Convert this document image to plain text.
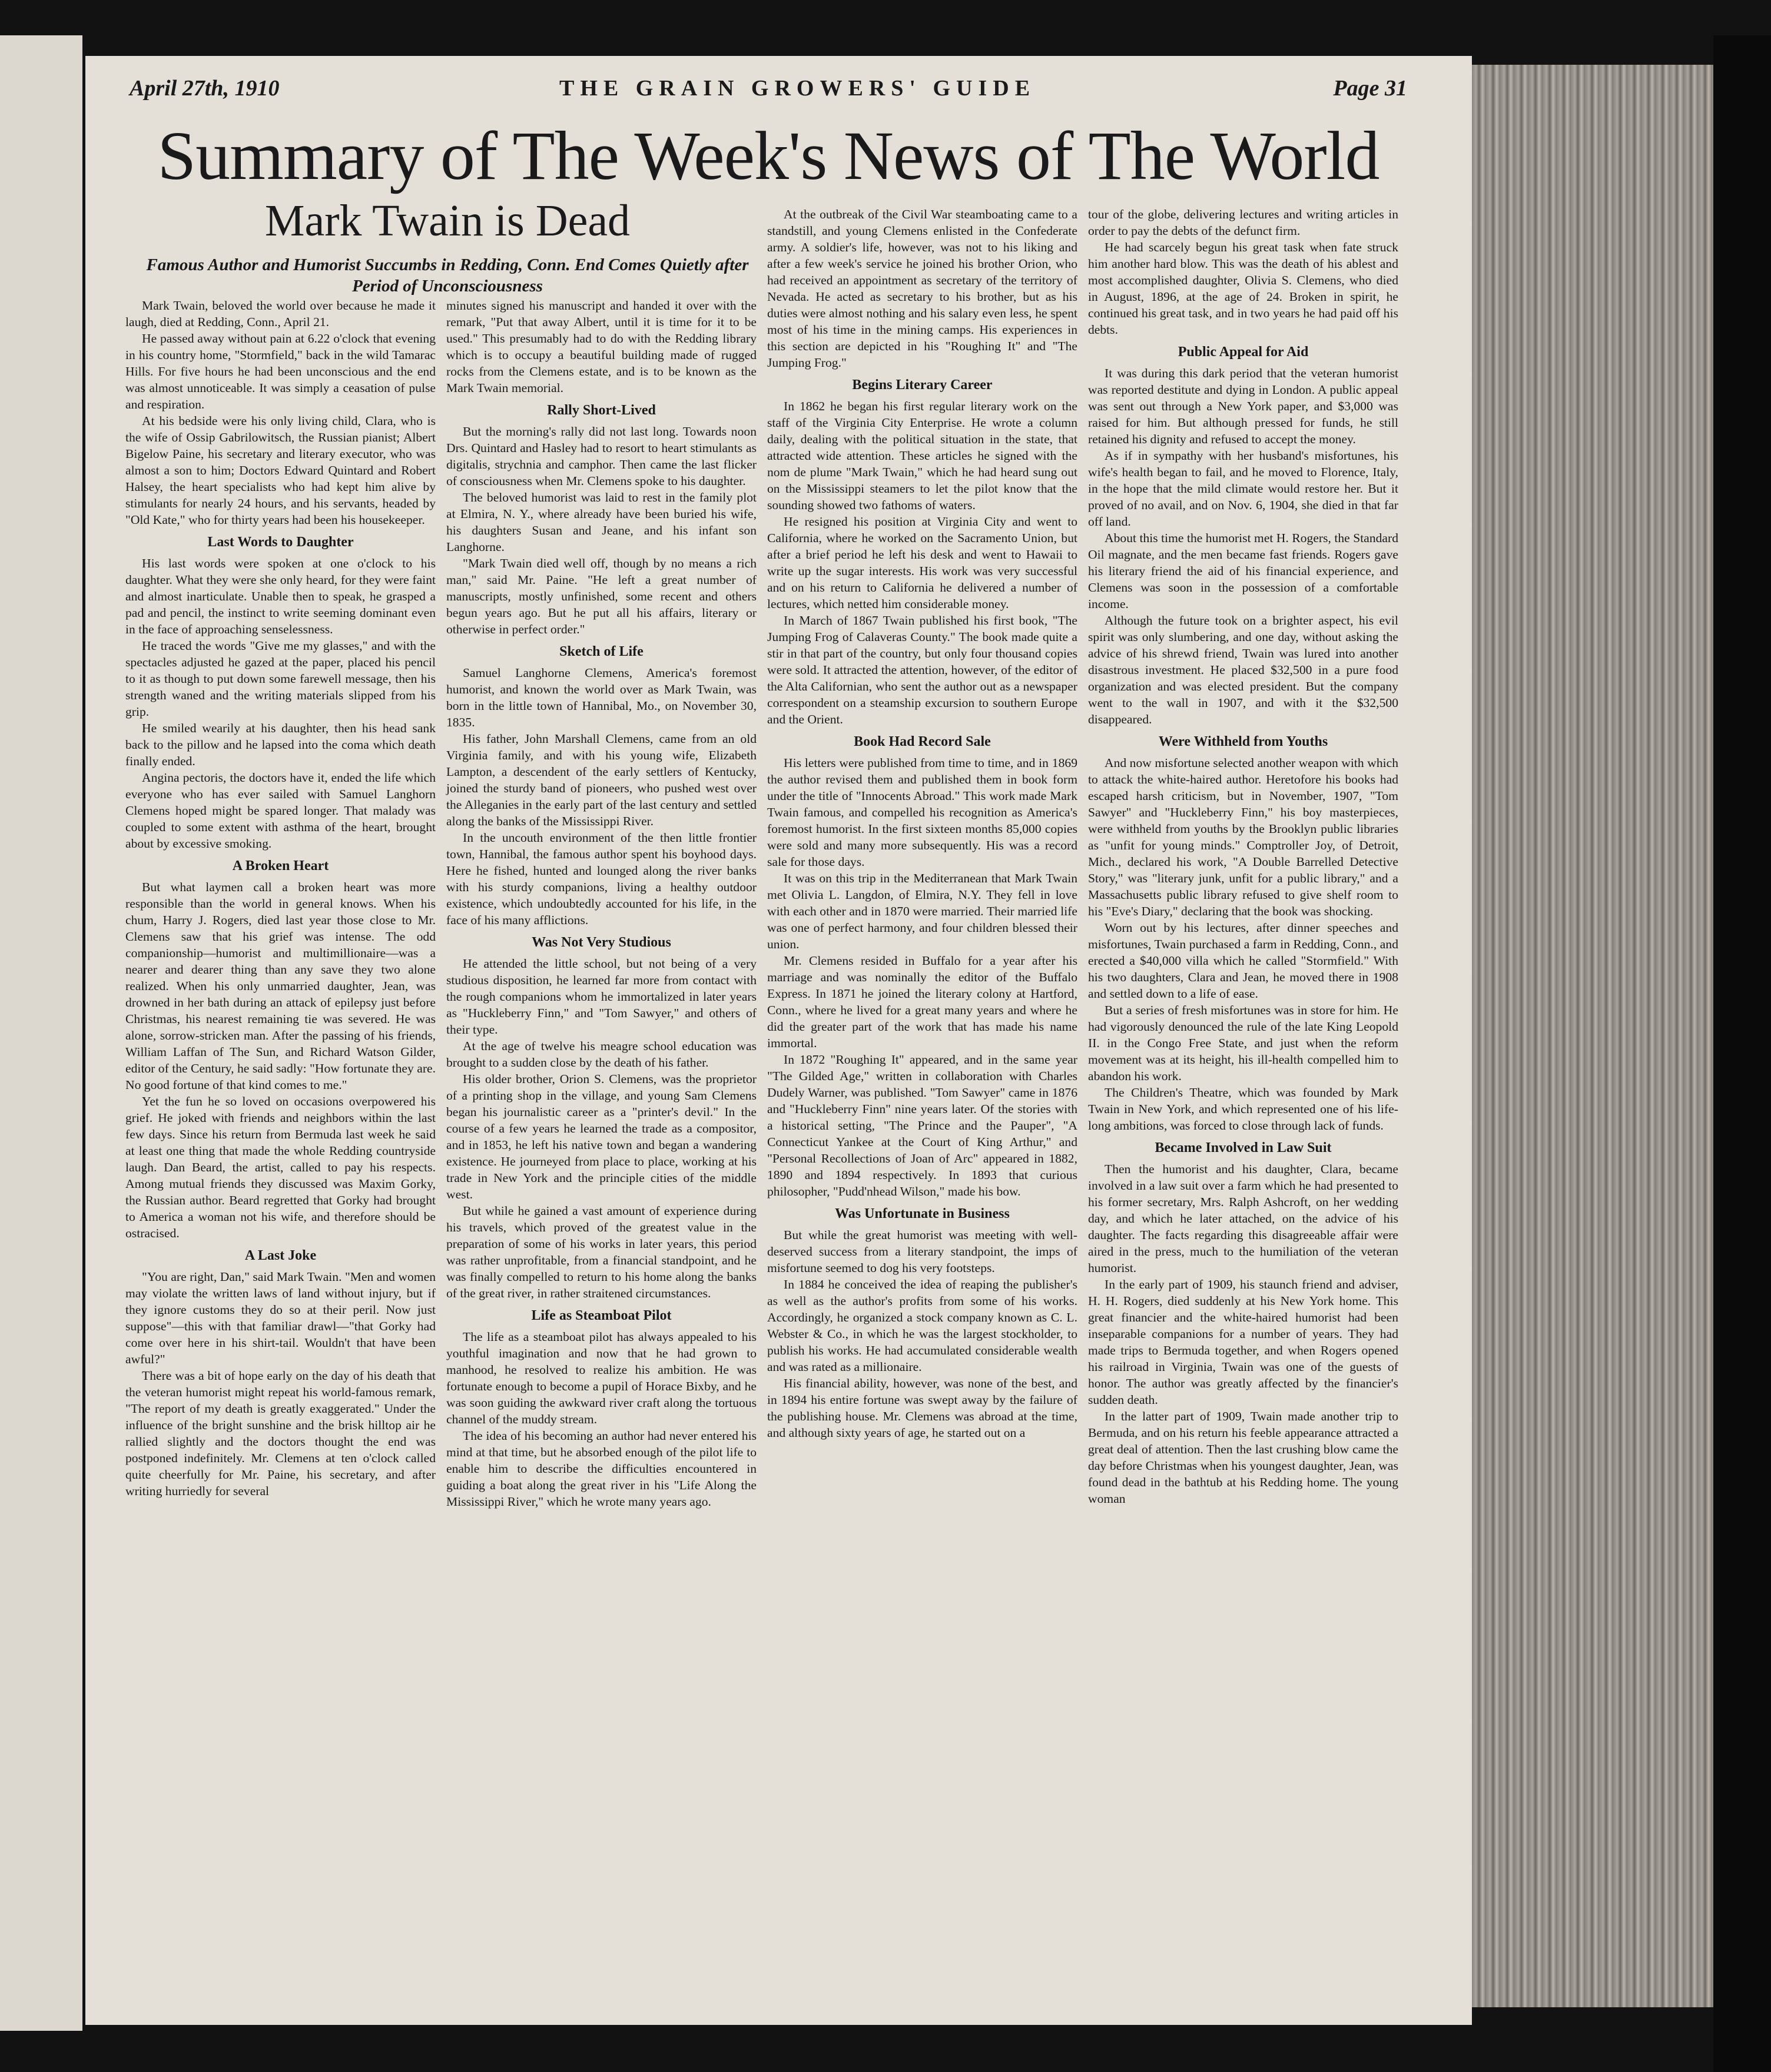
April 27th, 1910	THE GRAIN GROWERS' GUIDE	Page 31
Summary of The Week's News of The World
Mark Twain is Dead
Famous Author and Humorist Succumbs in Redding, Conn. End Comes Quietly after Period of Unconsciousness

Mark Twain, beloved the world over because he made it laugh, died at Redding, Conn., April 21.

He passed away without pain at 6.22 o'clock that evening in his country home, "Stormfield," back in the wild Tamarac Hills. For five hours he had been unconscious and the end was almost unnoticeable. It was simply a ceasation of pulse and respiration.

At his bedside were his only living child, Clara, who is the wife of Ossip Gabrilowitsch, the Russian pianist; Albert Bigelow Paine, his secretary and literary executor, who was almost a son to him; Doctors Edward Quintard and Robert Halsey, the heart specialists who had kept him alive by stimulants for nearly 24 hours, and his servants, headed by "Old Kate," who for thirty years had been his housekeeper.

Last Words to Daughter

His last words were spoken at one o'clock to his daughter. What they were she only heard, for they were faint and almost inarticulate. Unable then to speak, he grasped a pad and pencil, the instinct to write seeming dominant even in the face of approaching senselessness.

He traced the words "Give me my glasses," and with the spectacles adjusted he gazed at the paper, placed his pencil to it as though to put down some farewell message, then his strength waned and the writing materials slipped from his grip.

He smiled wearily at his daughter, then his head sank back to the pillow and he lapsed into the coma which death finally ended.

Angina pectoris, the doctors have it, ended the life which everyone who has ever sailed with Samuel Langhorn Clemens hoped might be spared longer. That malady was coupled to some extent with asthma of the heart, brought about by excessive smoking.

A Broken Heart

But what laymen call a broken heart was more responsible than the world in general knows. When his chum, Harry J. Rogers, died last year those close to Mr. Clemens saw that his grief was intense. The odd companionship—humorist and multimillionaire—was a nearer and dearer thing than any save they two alone realized. When his only unmarried daughter, Jean, was drowned in her bath during an attack of epilepsy just before Christmas, his nearest remaining tie was severed. He was alone, sorrow-stricken man. After the passing of his friends, William Laffan of The Sun, and Richard Watson Gilder, editor of the Century, he said sadly: "How fortunate they are. No good fortune of that kind comes to me."

Yet the fun he so loved on occasions overpowered his grief. He joked with friends and neighbors within the last few days. Since his return from Bermuda last week he said at least one thing that made the whole Redding countryside laugh. Dan Beard, the artist, called to pay his respects. Among mutual friends they discussed was Maxim Gorky, the Russian author. Beard regretted that Gorky had brought to America a woman not his wife, and therefore should be ostracised.

A Last Joke

"You are right, Dan," said Mark Twain. "Men and women may violate the written laws of land without injury, but if they ignore customs they do so at their peril. Now just suppose"—this with that familiar drawl—"that Gorky had come over here in his shirt-tail. Wouldn't that have been awful?"

There was a bit of hope early on the day of his death that the veteran humorist might repeat his world-famous remark, "The report of my death is greatly exaggerated." Under the influence of the bright sunshine and the brisk hilltop air he rallied slightly and the doctors thought the end was postponed indefinitely. Mr. Clemens at ten o'clock called quite cheerfully for Mr. Paine, his secretary, and after writing hurriedly for several

minutes signed his manuscript and handed it over with the remark, "Put that away Albert, until it is time for it to be used." This presumably had to do with the Redding library which is to occupy a beautiful building made of rugged rocks from the Clemens estate, and is to be known as the Mark Twain memorial.

Rally Short-Lived

But the morning's rally did not last long. Towards noon Drs. Quintard and Hasley had to resort to heart stimulants as digitalis, strychnia and camphor. Then came the last flicker of consciousness when Mr. Clemens spoke to his daughter.

The beloved humorist was laid to rest in the family plot at Elmira, N. Y., where already have been buried his wife, his daughters Susan and Jeane, and his infant son Langhorne.

"Mark Twain died well off, though by no means a rich man," said Mr. Paine. "He left a great number of manuscripts, mostly unfinished, some recent and others begun years ago. But he put all his affairs, literary or otherwise in perfect order."

Sketch of Life

Samuel Langhorne Clemens, America's foremost humorist, and known the world over as Mark Twain, was born in the little town of Hannibal, Mo., on November 30, 1835.

His father, John Marshall Clemens, came from an old Virginia family, and with his young wife, Elizabeth Lampton, a descendent of the early settlers of Kentucky, joined the sturdy band of pioneers, who pushed west over the Alleganies in the early part of the last century and settled along the banks of the Mississippi River.

In the uncouth environment of the then little frontier town, Hannibal, the famous author spent his boyhood days. Here he fished, hunted and lounged along the river banks with his sturdy companions, living a healthy outdoor existence, which undoubtedly accounted for his life, in the face of his many afflictions.

Was Not Very Studious

He attended the little school, but not being of a very studious disposition, he learned far more from contact with the rough companions whom he immortalized in later years as "Huckleberry Finn," and "Tom Sawyer," and others of their type.

At the age of twelve his meagre school education was brought to a sudden close by the death of his father.

His older brother, Orion S. Clemens, was the proprietor of a printing shop in the village, and young Sam Clemens began his journalistic career as a "printer's devil." In the course of a few years he learned the trade as a compositor, and in 1853, he left his native town and began a wandering existence. He journeyed from place to place, working at his trade in New York and the principle cities of the middle west.

But while he gained a vast amount of experience during his travels, which proved of the greatest value in the preparation of some of his works in later years, this period was rather unprofitable, from a financial standpoint, and he was finally compelled to return to his home along the banks of the great river, in rather straitened circumstances.

Life as Steamboat Pilot

The life as a steamboat pilot has always appealed to his youthful imagination and now that he had grown to manhood, he resolved to realize his ambition. He was fortunate enough to become a pupil of Horace Bixby, and he was soon guiding the awkward river craft along the tortuous channel of the muddy stream.

The idea of his becoming an author had never entered his mind at that time, but he absorbed enough of the pilot life to enable him to describe the difficulties encountered in guiding a boat along the great river in his "Life Along the Mississippi River," which he wrote many years ago.

At the outbreak of the Civil War steamboating came to a standstill, and young Clemens enlisted in the Confederate army. A soldier's life, however, was not to his liking and after a few week's service he joined his brother Orion, who had received an appointment as secretary of the territory of Nevada. He acted as secretary to his brother, but as his duties were almost nothing and his salary even less, he spent most of his time in the mining camps. His experiences in this section are depicted in his "Roughing It" and "The Jumping Frog."

Begins Literary Career

In 1862 he began his first regular literary work on the staff of the Virginia City Enterprise. He wrote a column daily, dealing with the political situation in the state, that attracted wide attention. These articles he signed with the nom de plume "Mark Twain," which he had heard sung out on the Mississippi steamers to let the pilot know that the sounding showed two fathoms of waters.

He resigned his position at Virginia City and went to California, where he worked on the Sacramento Union, but after a brief period he left his desk and went to Hawaii to write up the sugar interests. His work was very successful and on his return to California he delivered a number of lectures, which netted him considerable money.

In March of 1867 Twain published his first book, "The Jumping Frog of Calaveras County." The book made quite a stir in that part of the country, but only four thousand copies were sold. It attracted the attention, however, of the editor of the Alta Californian, who sent the author out as a newspaper correspondent on a steamship excursion to southern Europe and the Orient.

Book Had Record Sale

His letters were published from time to time, and in 1869 the author revised them and published them in book form under the title of "Innocents Abroad." This work made Mark Twain famous, and compelled his recognition as America's foremost humorist. In the first sixteen months 85,000 copies were sold and many more subsequently. His was a record sale for those days.

It was on this trip in the Mediterranean that Mark Twain met Olivia L. Langdon, of Elmira, N.Y. They fell in love with each other and in 1870 were married. Their married life was one of perfect harmony, and four children blessed their union.

Mr. Clemens resided in Buffalo for a year after his marriage and was nominally the editor of the Buffalo Express. In 1871 he joined the literary colony at Hartford, Conn., where he lived for a great many years and where he did the greater part of the work that has made his name immortal.

In 1872 "Roughing It" appeared, and in the same year "The Gilded Age," written in collaboration with Charles Dudely Warner, was published. "Tom Sawyer" came in 1876 and "Huckleberry Finn" nine years later. Of the stories with a historical setting, "The Prince and the Pauper", "A Connecticut Yankee at the Court of King Arthur," and "Personal Recollections of Joan of Arc" appeared in 1882, 1890 and 1894 respectively. In 1893 that curious philosopher, "Pudd'nhead Wilson," made his bow.

Was Unfortunate in Business

But while the great humorist was meeting with well-deserved success from a literary standpoint, the imps of misfortune seemed to dog his very footsteps.

In 1884 he conceived the idea of reaping the publisher's as well as the author's profits from some of his works. Accordingly, he organized a stock company known as C. L. Webster & Co., in which he was the largest stockholder, to publish his works. He had accumulated considerable wealth and was rated as a millionaire.

His financial ability, however, was none of the best, and in 1894 his entire fortune was swept away by the failure of the publishing house. Mr. Clemens was abroad at the time, and although sixty years of age, he started out on a

tour of the globe, delivering lectures and writing articles in order to pay the debts of the defunct firm.

He had scarcely begun his great task when fate struck him another hard blow. This was the death of his ablest and most accomplished daughter, Olivia S. Clemens, who died in August, 1896, at the age of 24. Broken in spirit, he continued his great task, and in two years he had paid off his debts.

Public Appeal for Aid

It was during this dark period that the veteran humorist was reported destitute and dying in London. A public appeal was sent out through a New York paper, and $3,000 was raised for him. But although pressed for funds, he still retained his dignity and refused to accept the money.

As if in sympathy with her husband's misfortunes, his wife's health began to fail, and he moved to Florence, Italy, in the hope that the mild climate would restore her. But it proved of no avail, and on Nov. 6, 1904, she died in that far off land.

About this time the humorist met H. Rogers, the Standard Oil magnate, and the men became fast friends. Rogers gave his literary friend the aid of his financial experience, and Clemens was soon in the possession of a comfortable income.

Although the future took on a brighter aspect, his evil spirit was only slumbering, and one day, without asking the advice of his shrewd friend, Twain was lured into another disastrous investment. He placed $32,500 in a pure food organization and was elected president. But the company went to the wall in 1907, and with it the $32,500 disappeared.

Were Withheld from Youths

And now misfortune selected another weapon with which to attack the white-haired author. Heretofore his books had escaped harsh criticism, but in November, 1907, "Tom Sawyer" and "Huckleberry Finn," his boy masterpieces, were withheld from youths by the Brooklyn public libraries as "unfit for young minds." Comptroller Joy, of Detroit, Mich., declared his work, "A Double Barrelled Detective Story," was "literary junk, unfit for a public library," and a Massachusetts public library refused to give shelf room to his "Eve's Diary," declaring that the book was shocking.

Worn out by his lectures, after dinner speeches and misfortunes, Twain purchased a farm in Redding, Conn., and erected a $40,000 villa which he called "Stormfield." With his two daughters, Clara and Jean, he moved there in 1908 and settled down to a life of ease.

But a series of fresh misfortunes was in store for him. He had vigorously denounced the rule of the late King Leopold II. in the Congo Free State, and just when the reform movement was at its height, his ill-health compelled him to abandon his work.

The Children's Theatre, which was founded by Mark Twain in New York, and which represented one of his life-long ambitions, was forced to close through lack of funds.

Became Involved in Law Suit

Then the humorist and his daughter, Clara, became involved in a law suit over a farm which he had presented to his former secretary, Mrs. Ralph Ashcroft, on her wedding day, and which he later attached, on the advice of his daughter. The facts regarding this disagreeable affair were aired in the press, much to the humiliation of the veteran humorist.

In the early part of 1909, his staunch friend and adviser, H. H. Rogers, died suddenly at his New York home. This great financier and the white-haired humorist had been inseparable companions for a number of years. They had made trips to Bermuda together, and when Rogers opened his railroad in Virginia, Twain was one of the guests of honor. The author was greatly affected by the financier's sudden death.

In the latter part of 1909, Twain made another trip to Bermuda, and on his return his feeble appearance attracted a great deal of attention. Then the last crushing blow came the day before Christmas when his youngest daughter, Jean, was found dead in the bathtub at his Redding home. The young woman
